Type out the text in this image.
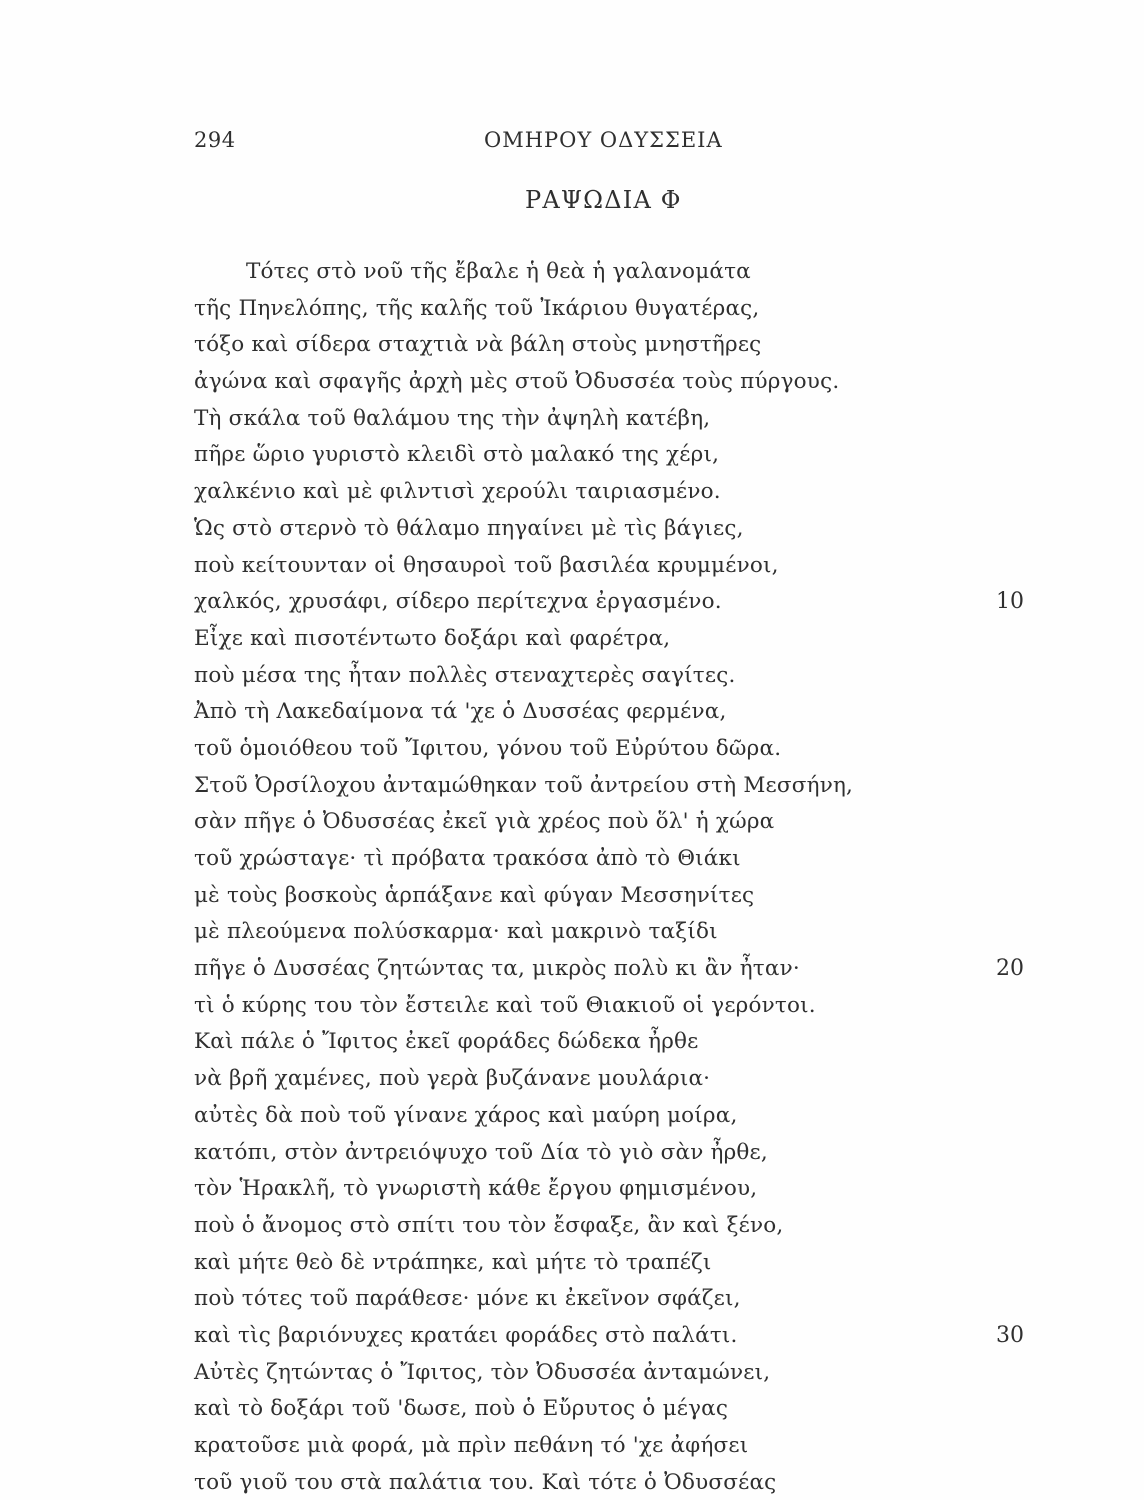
294	ΟΜΗΡΟΥ ΟΔΥΣΣΕΙΑ
ΡΑΨΩΔΙΑ Φ
Τότες στὸ νοῦ τῆς ἔβαλε ἡ θεὰ ἡ γαλανομάτα
τῆς Πηνελόπης, τῆς καλῆς τοῦ Ἰκάριου θυγατέρας,
τόξο καὶ σίδερα σταχτιὰ νὰ βάλη στοὺς μνηστῆρες
ἀγώνα καὶ σφαγῆς ἀρχὴ μὲς στοῦ Ὀδυσσέα τοὺς πύργους.
Τὴ σκάλα τοῦ θαλάμου της τὴν ἀψηλὴ κατέβη,
πῆρε ὥριο γυριστὸ κλειδὶ στὸ μαλακό της χέρι,
χαλκένιο καὶ μὲ φιλντισὶ χερούλι ταιριασμένο.
Ὡς στὸ στερνὸ τὸ θάλαμο πηγαίνει μὲ τὶς βάγιες,
ποὺ κείτουνταν οἱ θησαυροὶ τοῦ βασιλέα κρυμμένοι,
χαλκός, χρυσάφι, σίδερο περίτεχνα ἐργασμένο.	10
Εἶχε καὶ πισοτέντωτο δοξάρι καὶ φαρέτρα,
ποὺ μέσα της ἦταν πολλὲς στεναχτερὲς σαγίτες.
Ἀπὸ τὴ Λακεδαίμονα τά 'χε ὁ Δυσσέας φερμένα,
τοῦ ὁμοιόθεου τοῦ Ἴφιτου, γόνου τοῦ Εὐρύτου δῶρα.
Στοῦ Ὀρσίλοχου ἀνταμώθηκαν τοῦ ἀντρείου στὴ Μεσσήνη,
σὰν πῆγε ὁ Ὀδυσσέας ἐκεῖ γιὰ χρέος ποὺ ὅλ' ἡ χώρα
τοῦ χρώσταγε· τὶ πρόβατα τρακόσα ἀπὸ τὸ Θιάκι
μὲ τοὺς βοσκοὺς ἁρπάξανε καὶ φύγαν Μεσσηνίτες
μὲ πλεούμενα πολύσκαρμα· καὶ μακρινὸ ταξίδι
πῆγε ὁ Δυσσέας ζητώντας τα, μικρὸς πολὺ κι ἂν ἦταν·	20
τὶ ὁ κύρης του τὸν ἔστειλε καὶ τοῦ Θιακιοῦ οἱ γερόντοι.
Καὶ πάλε ὁ Ἴφιτος ἐκεῖ φοράδες δώδεκα ἦρθε
νὰ βρῆ χαμένες, ποὺ γερὰ βυζάνανε μουλάρια·
αὐτὲς δὰ ποὺ τοῦ γίνανε χάρος καὶ μαύρη μοίρα,
κατόπι, στὸν ἀντρειόψυχο τοῦ Δία τὸ γιὸ σὰν ἦρθε,
τὸν Ἡρακλῆ, τὸ γνωριστὴ κάθε ἔργου φημισμένου,
ποὺ ὁ ἄνομος στὸ σπίτι του τὸν ἔσφαξε, ἂν καὶ ξένο,
καὶ μήτε θεὸ δὲ ντράπηκε, καὶ μήτε τὸ τραπέζι
ποὺ τότες τοῦ παράθεσε· μόνε κι ἐκεῖνον σφάζει,
καὶ τὶς βαριόνυχες κρατάει φοράδες στὸ παλάτι.	30
Αὐτὲς ζητώντας ὁ Ἴφιτος, τὸν Ὀδυσσέα ἀνταμώνει,
καὶ τὸ δοξάρι τοῦ 'δωσε, ποὺ ὁ Εὔρυτος ὁ μέγας
κρατοῦσε μιὰ φορά, μὰ πρὶν πεθάνη τό 'χε ἀφήσει
τοῦ γιοῦ του στὰ παλάτια του. Καὶ τότε ὁ Ὀδυσσέας
